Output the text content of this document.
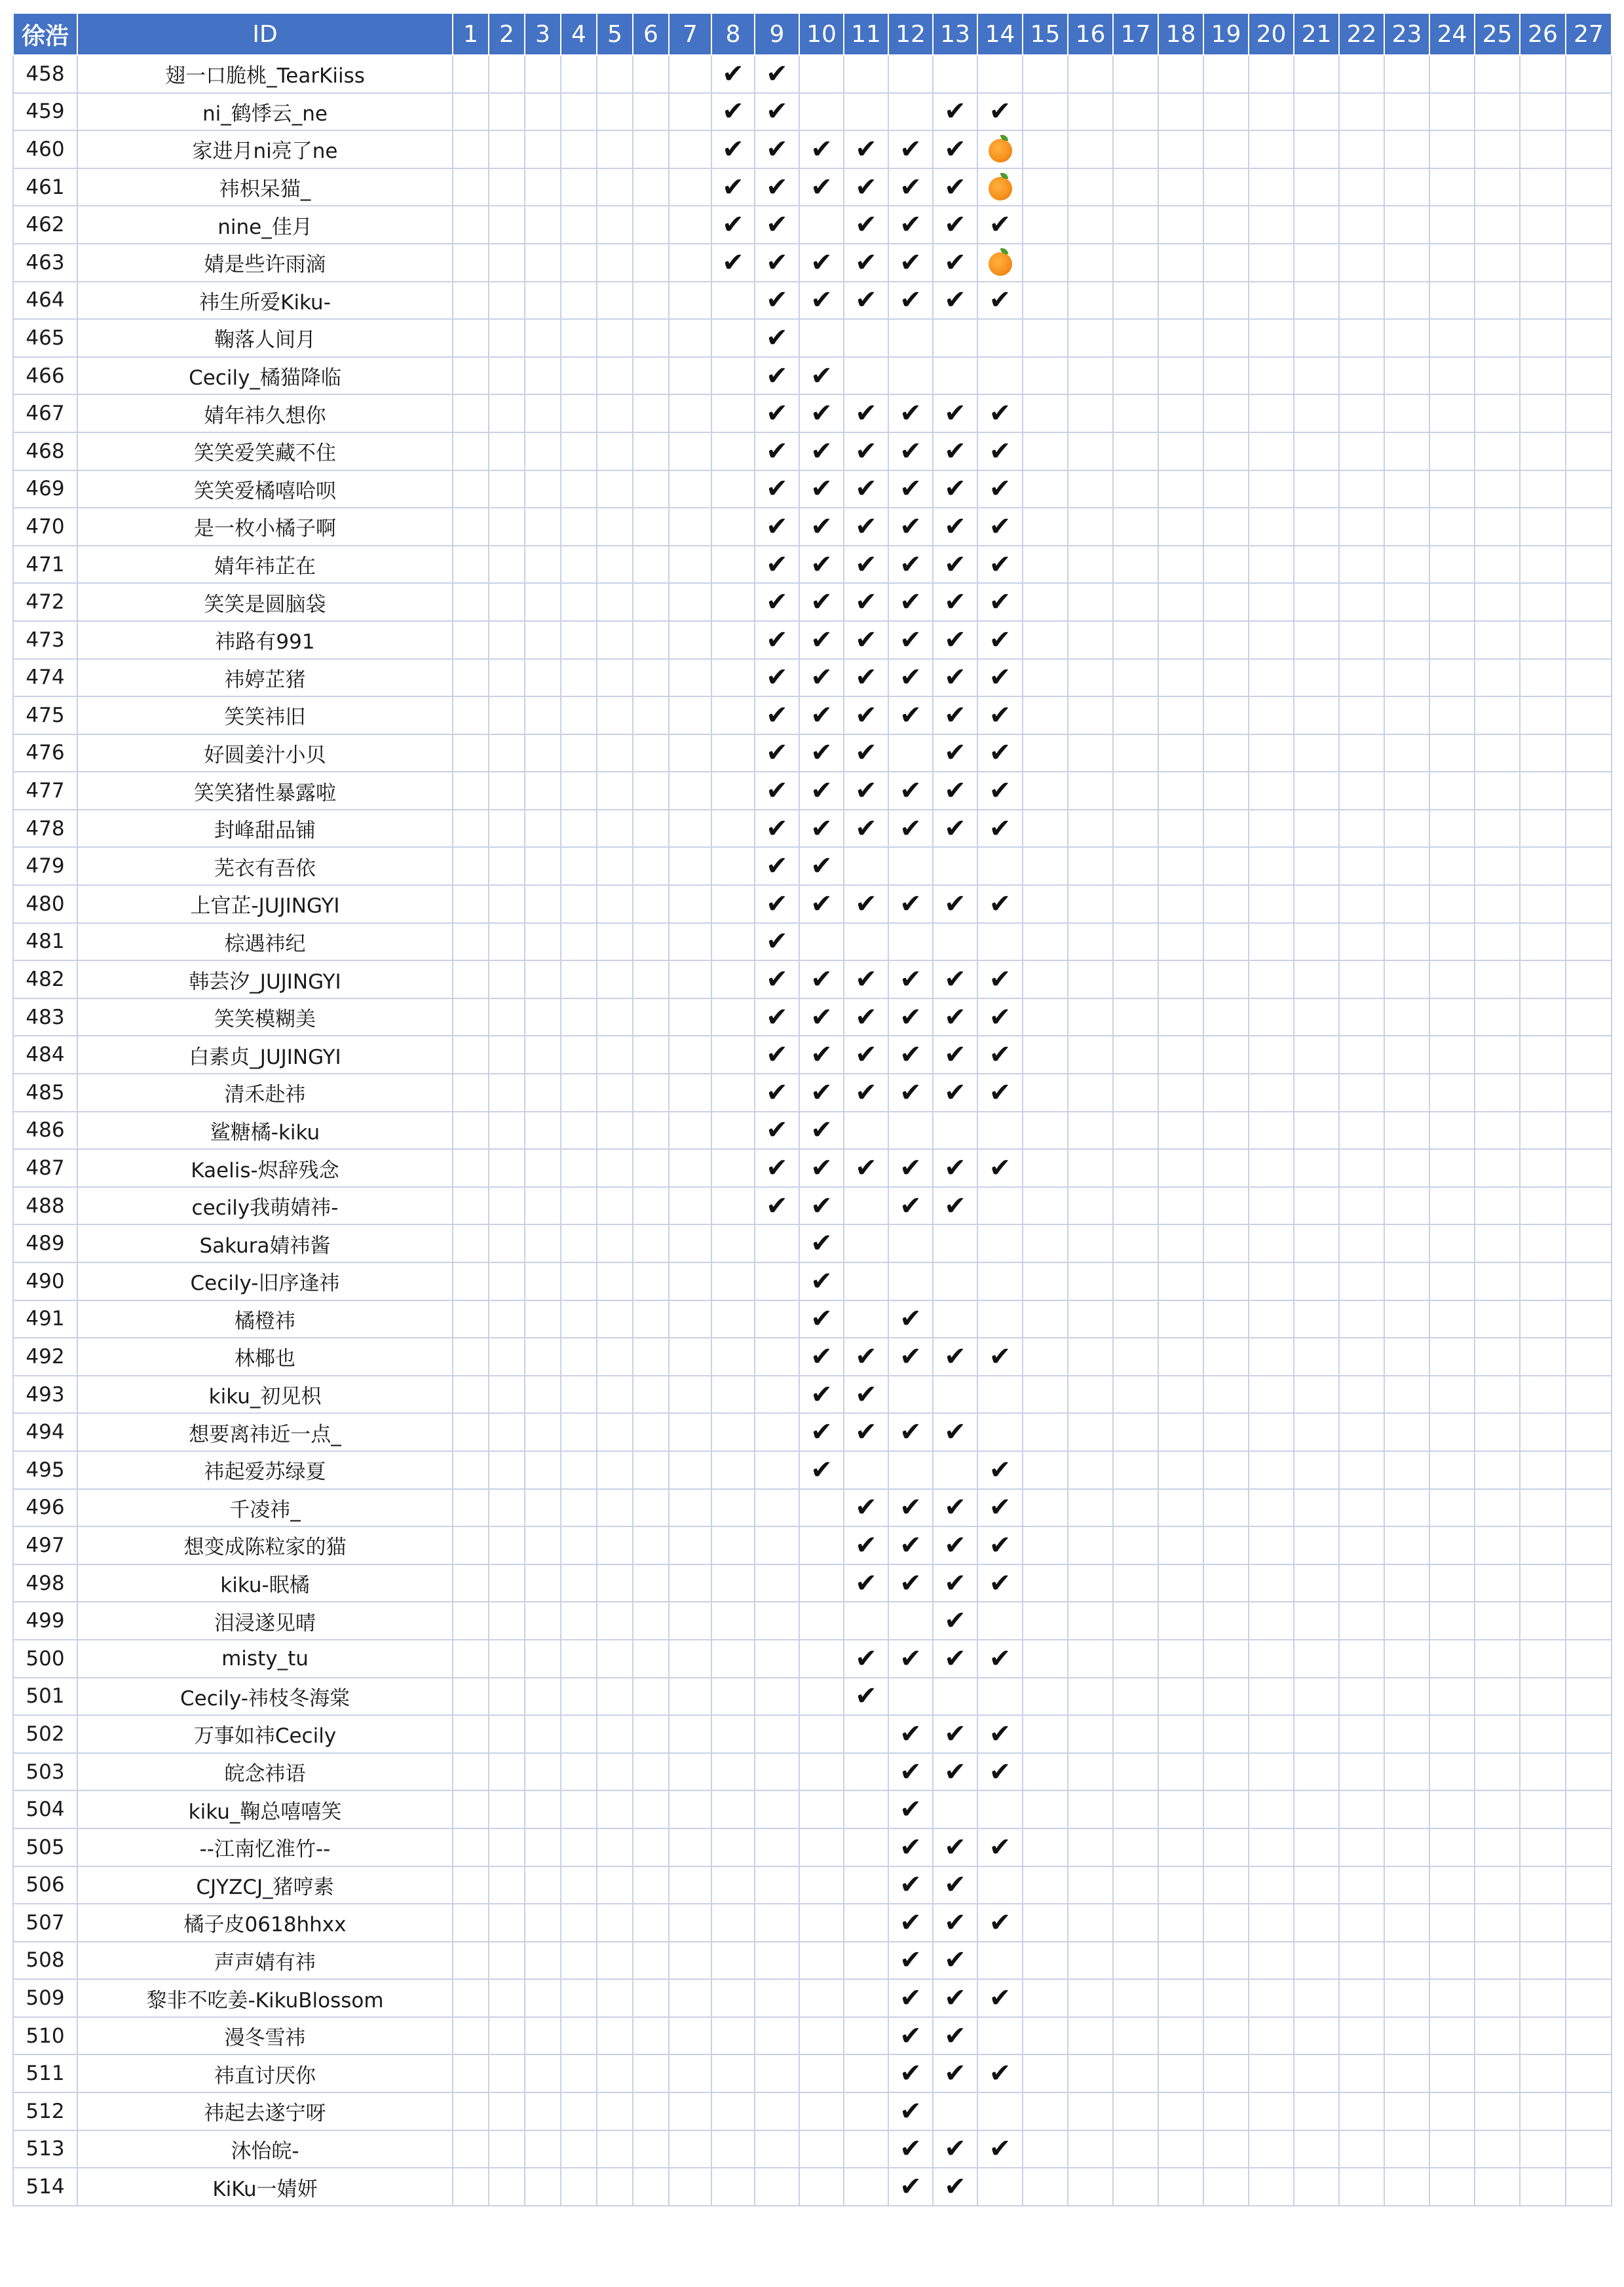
徐浩	ID	1	2	3	4	5	6	7	8	9	10	11	12	13	14	15	16	17	18	19	20	21	22	23	24	25	26	27
458	翅一口脆桃_TearKiiss								✔	✔																		
459	ni_鹤悸云_ne								✔	✔				✔	✔													
460	家进月ni亮了ne								✔	✔	✔	✔	✔	✔														
461	祎枳呆猫_								✔	✔	✔	✔	✔	✔														
462	nine_佳月								✔	✔		✔	✔	✔	✔													
463	婧是些许雨滴								✔	✔	✔	✔	✔	✔														
464	祎生所爱Kiku-									✔	✔	✔	✔	✔	✔													
465	鞠落人间月									✔																		
466	Cecily_橘猫降临									✔	✔																	
467	婧年祎久想你									✔	✔	✔	✔	✔	✔													
468	笑笑爱笑藏不住									✔	✔	✔	✔	✔	✔													
469	笑笑爱橘嘻哈呗									✔	✔	✔	✔	✔	✔													
470	是一枚小橘子啊									✔	✔	✔	✔	✔	✔													
471	婧年祎芷在									✔	✔	✔	✔	✔	✔													
472	笑笑是圆脑袋									✔	✔	✔	✔	✔	✔													
473	祎路有991									✔	✔	✔	✔	✔	✔													
474	祎婷芷猪									✔	✔	✔	✔	✔	✔													
475	笑笑祎旧									✔	✔	✔	✔	✔	✔													
476	好圆姜汁小贝									✔	✔	✔		✔	✔													
477	笑笑猪性暴露啦									✔	✔	✔	✔	✔	✔													
478	封峰甜品铺									✔	✔	✔	✔	✔	✔													
479	芜衣有吾依									✔	✔																	
480	上官芷-JUJINGYI									✔	✔	✔	✔	✔	✔													
481	棕遇祎纪									✔																		
482	韩芸汐_JUJINGYI									✔	✔	✔	✔	✔	✔													
483	笑笑模糊美									✔	✔	✔	✔	✔	✔													
484	白素贞_JUJINGYI									✔	✔	✔	✔	✔	✔													
485	清禾赴祎									✔	✔	✔	✔	✔	✔													
486	鲨糖橘-kiku									✔	✔																	
487	Kaelis-烬辞残念									✔	✔	✔	✔	✔	✔													
488	cecily我萌婧祎-									✔	✔		✔	✔														
489	Sakura婧祎酱										✔																	
490	Cecily-旧序逢祎										✔																	
491	橘橙祎										✔		✔															
492	林椰也										✔	✔	✔	✔	✔													
493	kiku_初见枳										✔	✔																
494	想要离祎近一点_										✔	✔	✔	✔														
495	祎起爱苏绿夏										✔				✔													
496	千凌祎_											✔	✔	✔	✔													
497	想变成陈粒家的猫											✔	✔	✔	✔													
498	kiku-眠橘											✔	✔	✔	✔													
499	泪浸遂见晴													✔														
500	misty_tu											✔	✔	✔	✔													
501	Cecily-祎枝冬海棠											✔																
502	万事如祎Cecily												✔	✔	✔													
503	皖念祎语												✔	✔	✔													
504	kiku_鞠总嘻嘻笑												✔															
505	--江南忆淮竹--												✔	✔	✔													
506	CJYZCJ_猪哼素												✔	✔														
507	橘子皮0618hhxx												✔	✔	✔													
508	声声婧有祎												✔	✔														
509	黎非不吃姜-KikuBlossom												✔	✔	✔													
510	漫冬雪祎												✔	✔														
511	祎直讨厌你												✔	✔	✔													
512	祎起去遂宁呀												✔															
513	沐怡皖-												✔	✔	✔													
514	KiKu一婧妍												✔	✔														
